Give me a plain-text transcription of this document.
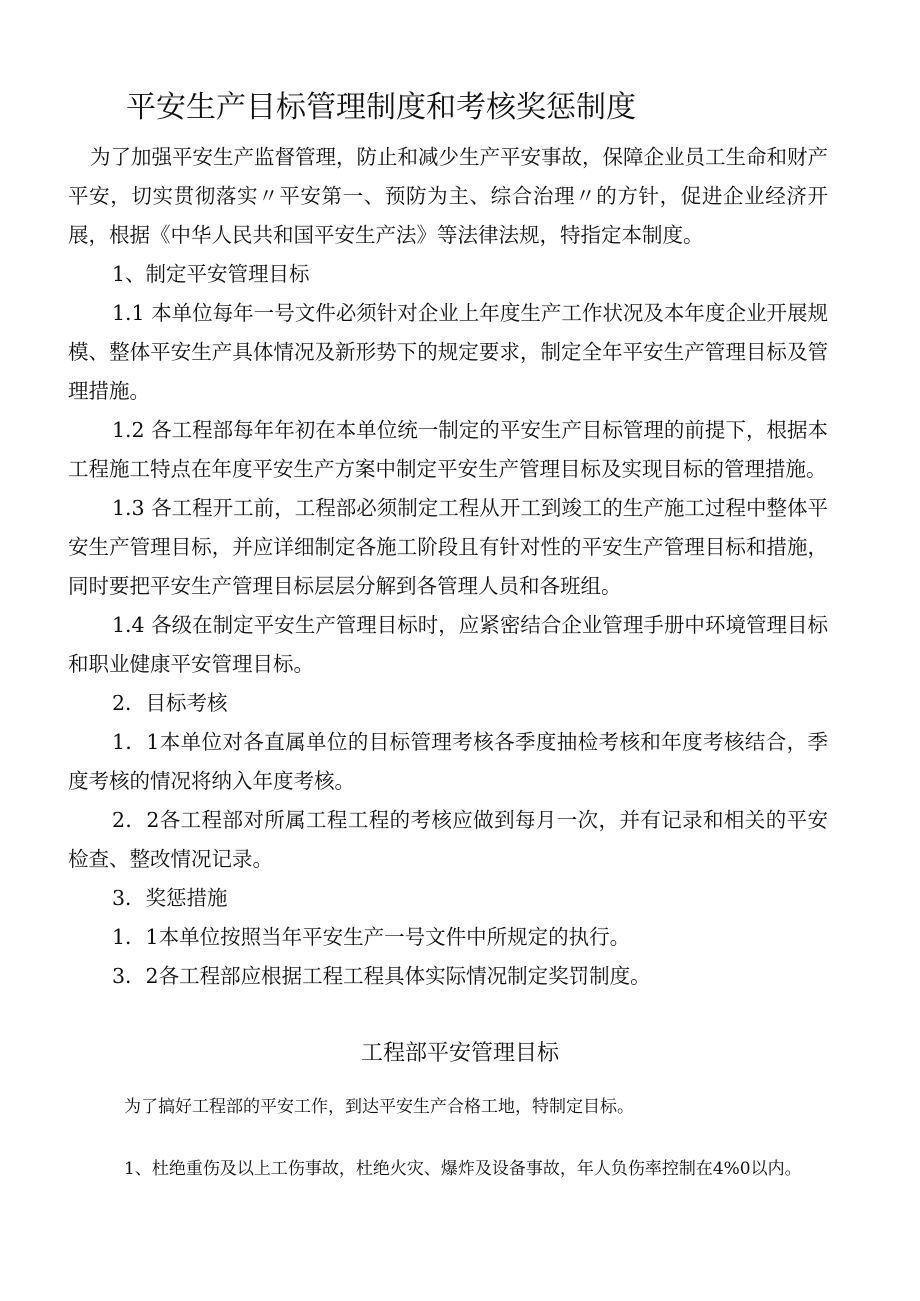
平安生产目标管理制度和考核奖惩制度

为了加强平安生产监督管理，防止和减少生产平安事故，保障企业员工生命和财产平安，切实贯彻落实〃平安第一、预防为主、综合治理〃的方针，促进企业经济开展，根据《中华人民共和国平安生产法》等法律法规，特指定本制度。

1、制定平安管理目标

1.1 本单位每年一号文件必须针对企业上年度生产工作状况及本年度企业开展规模、整体平安生产具体情况及新形势下的规定要求，制定全年平安生产管理目标及管理措施。

1.2 各工程部每年年初在本单位统一制定的平安生产目标管理的前提下，根据本工程施工特点在年度平安生产方案中制定平安生产管理目标及实现目标的管理措施。

1.3 各工程开工前，工程部必须制定工程从开工到竣工的生产施工过程中整体平安生产管理目标，并应详细制定各施工阶段且有针对性的平安生产管理目标和措施，同时要把平安生产管理目标层层分解到各管理人员和各班组。

1.4 各级在制定平安生产管理目标时，应紧密结合企业管理手册中环境管理目标和职业健康平安管理目标。

2．目标考核

1．1本单位对各直属单位的目标管理考核各季度抽检考核和年度考核结合，季度考核的情况将纳入年度考核。

2．2各工程部对所属工程工程的考核应做到每月一次，并有记录和相关的平安检查、整改情况记录。

3．奖惩措施

1．1本单位按照当年平安生产一号文件中所规定的执行。

3．2各工程部应根据工程工程具体实际情况制定奖罚制度。

工程部平安管理目标
为了搞好工程部的平安工作，到达平安生产合格工地，特制定目标。
1、杜绝重伤及以上工伤事故，杜绝火灾、爆炸及设备事故，年人负伤率控制在4%0以内。
